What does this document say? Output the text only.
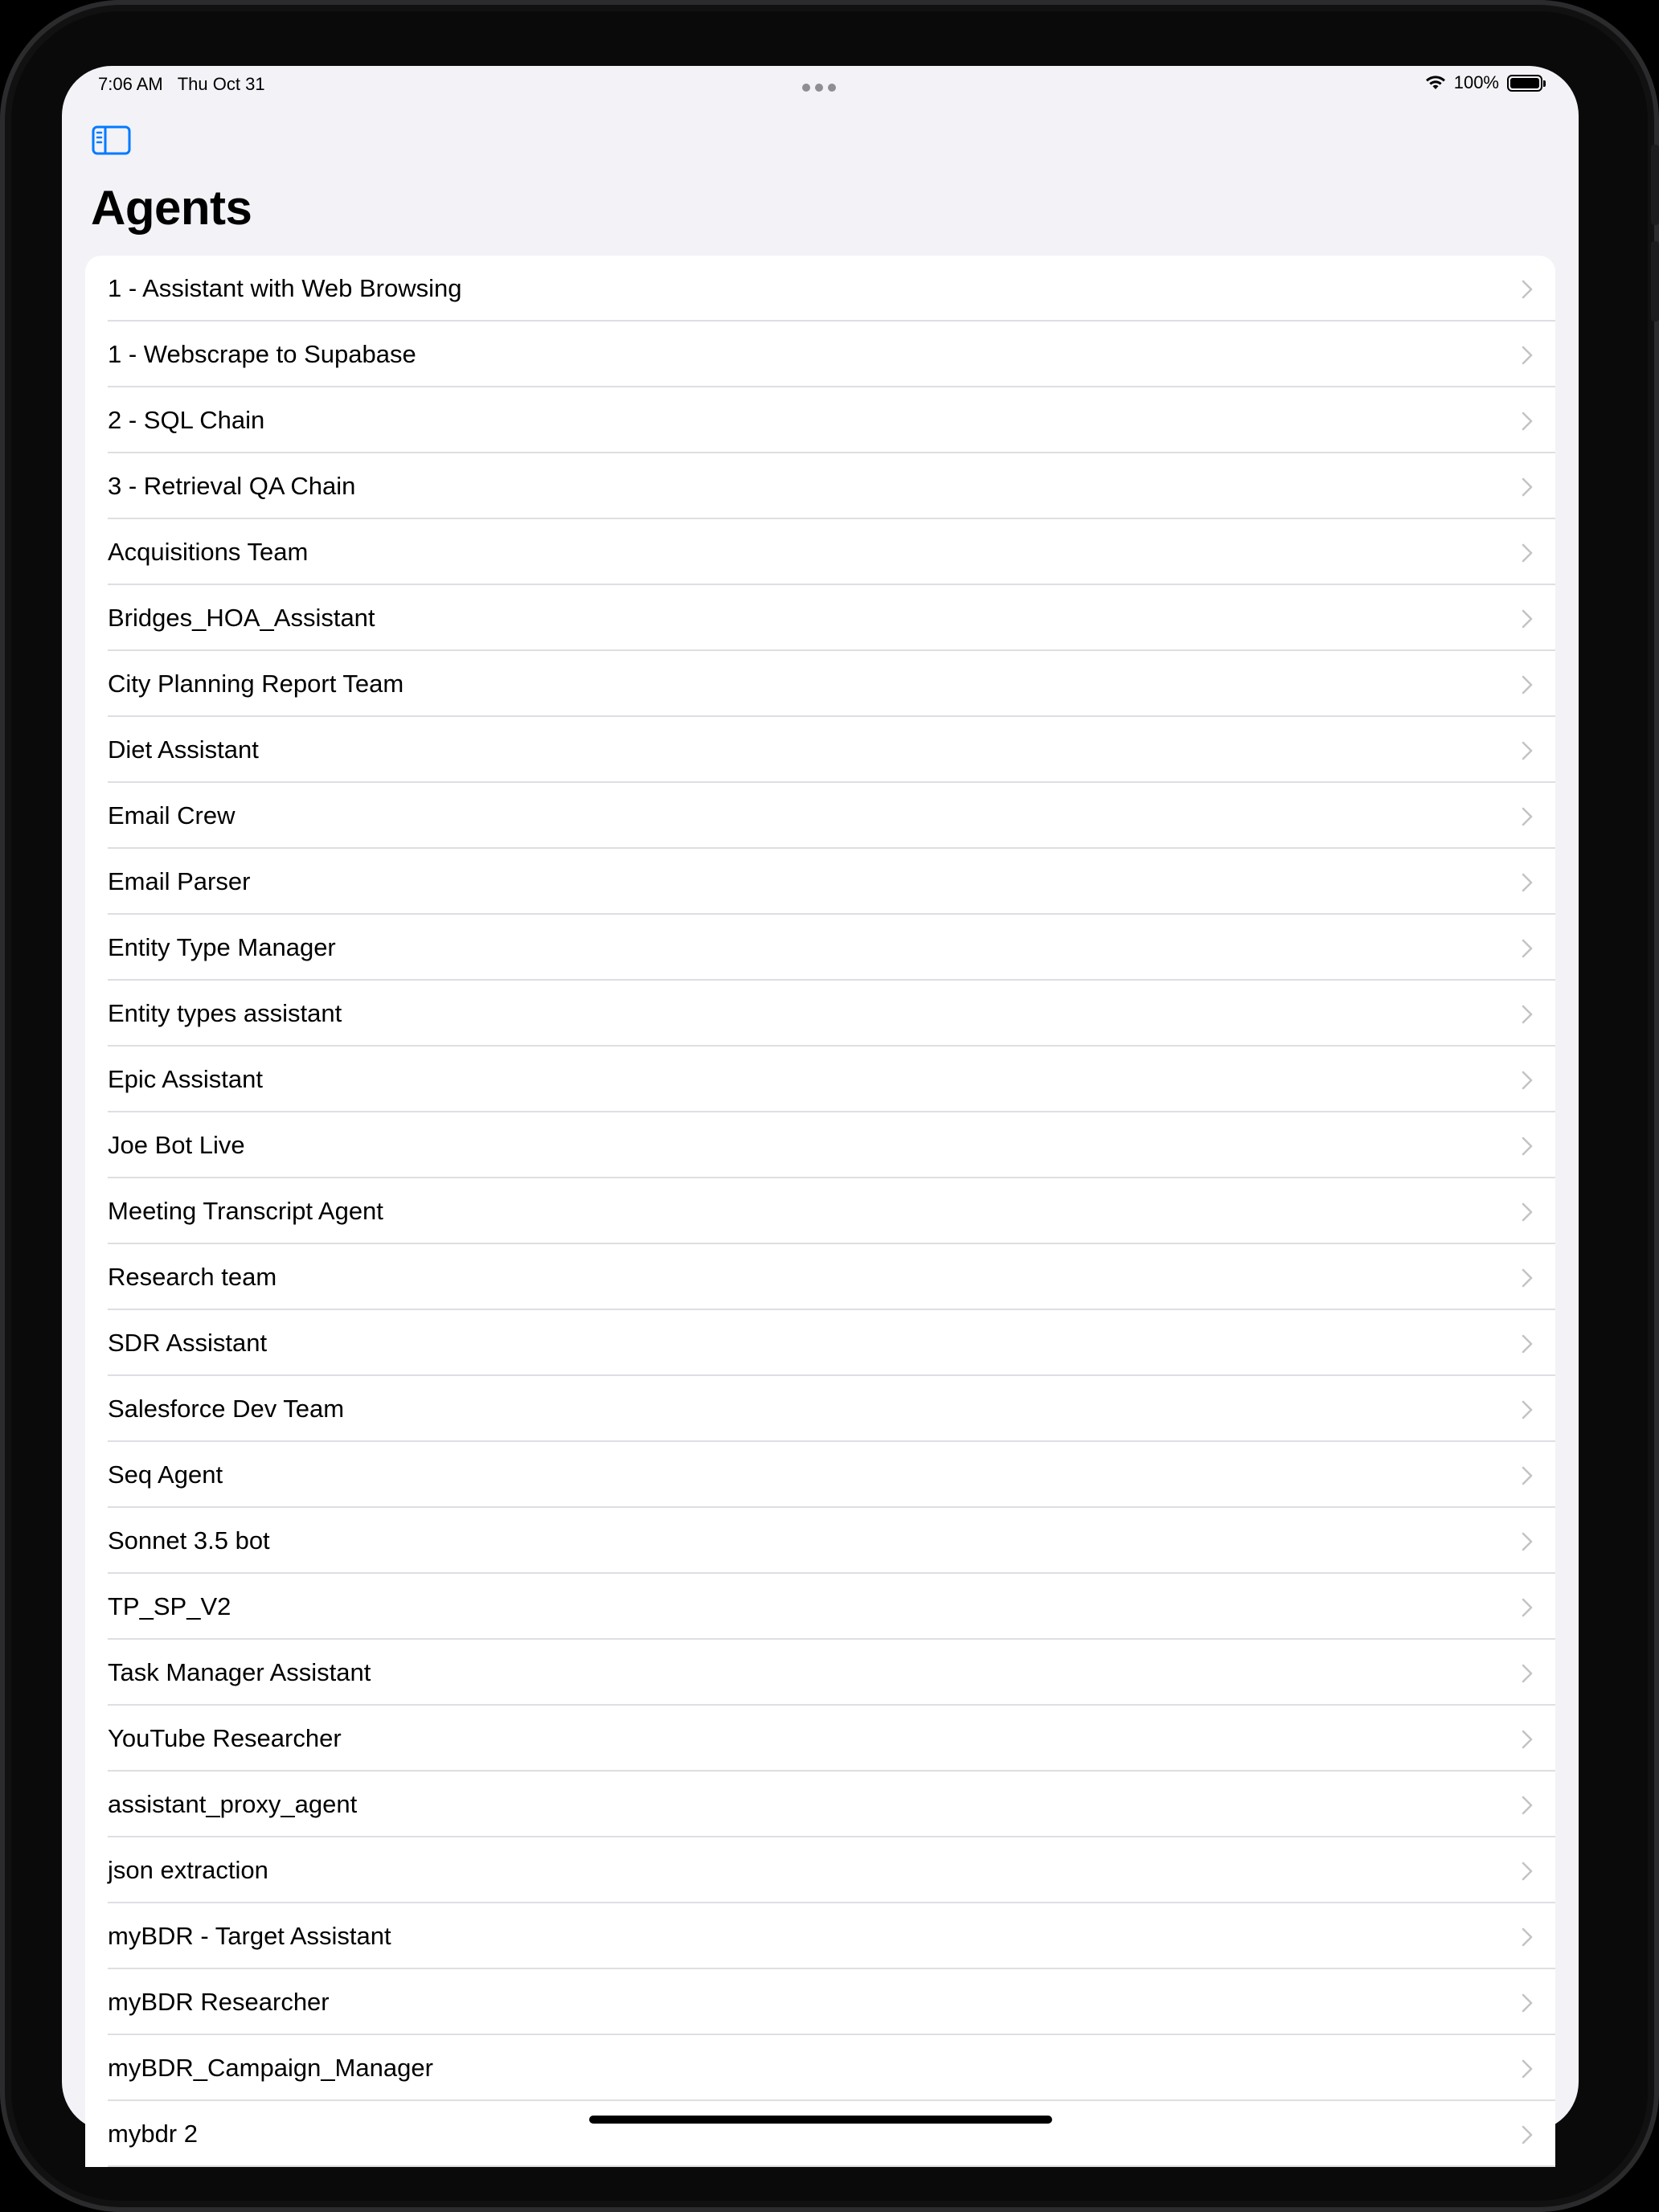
7:06 AM Thu Oct 31	100%
Agents
1 - Assistant with Web Browsing
1 - Webscrape to Supabase
2 - SQL Chain
3 - Retrieval QA Chain
Acquisitions Team
Bridges_HOA_Assistant
City Planning Report Team
Diet Assistant
Email Crew
Email Parser
Entity Type Manager
Entity types assistant
Epic Assistant
Joe Bot Live
Meeting Transcript Agent
Research team
SDR Assistant
Salesforce Dev Team
Seq Agent
Sonnet 3.5 bot
TP_SP_V2
Task Manager Assistant
YouTube Researcher
assistant_proxy_agent
json extraction
myBDR - Target Assistant
myBDR Researcher
myBDR_Campaign_Manager
mybdr 2
